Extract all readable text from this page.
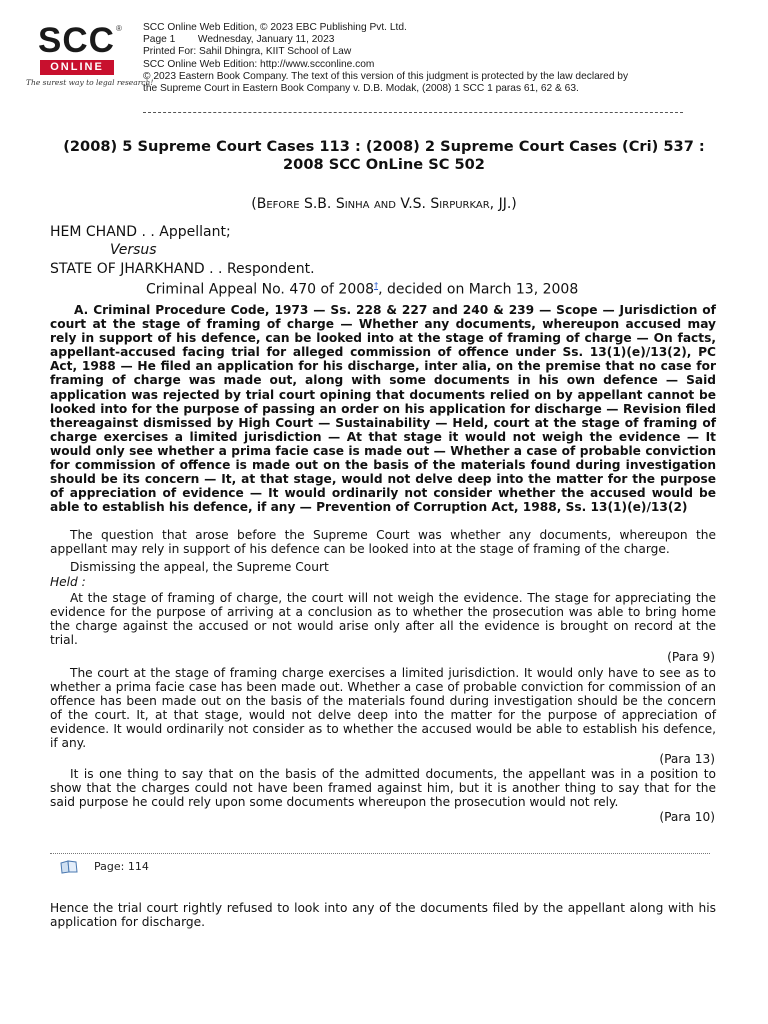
SCC ®
ONLINE
The surest way to legal research!
SCC Online Web Edition, © 2023 EBC Publishing Pvt. Ltd.
Page 1        Wednesday, January 11, 2023
Printed For: Sahil Dhingra, KIIT School of Law
SCC Online Web Edition: http://www.scconline.com
© 2023 Eastern Book Company. The text of this version of this judgment is protected by the law declared by the Supreme Court in Eastern Book Company v. D.B. Modak, (2008) 1 SCC 1 paras 61, 62 & 63.
(2008) 5 Supreme Court Cases 113 : (2008) 2 Supreme Court Cases (Cri) 537 :
2008 SCC OnLine SC 502
(Before S.B. Sinha and V.S. Sirpurkar, JJ.)
HEM CHAND . . Appellant;
Versus
STATE OF JHARKHAND . . Respondent.
Criminal Appeal No. 470 of 2008†, decided on March 13, 2008
A. Criminal Procedure Code, 1973 — Ss. 228 & 227 and 240 & 239 — Scope — Jurisdiction of court at the stage of framing of charge — Whether any documents, whereupon accused may rely in support of his defence, can be looked into at the stage of framing of charge — On facts, appellant-accused facing trial for alleged commission of offence under Ss. 13(1)(e)/13(2), PC Act, 1988 — He filed an application for his discharge, inter alia, on the premise that no case for framing of charge was made out, along with some documents in his own defence — Said application was rejected by trial court opining that documents relied on by appellant cannot be looked into for the purpose of passing an order on his application for discharge — Revision filed thereagainst dismissed by High Court — Sustainability — Held, court at the stage of framing of charge exercises a limited jurisdiction — At that stage it would not weigh the evidence — It would only see whether a prima facie case is made out — Whether a case of probable conviction for commission of offence is made out on the basis of the materials found during investigation should be its concern — It, at that stage, would not delve deep into the matter for the purpose of appreciation of evidence — It would ordinarily not consider whether the accused would be able to establish his defence, if any — Prevention of Corruption Act, 1988, Ss. 13(1)(e)/13(2)
The question that arose before the Supreme Court was whether any documents, whereupon the appellant may rely in support of his defence can be looked into at the stage of framing of the charge.
Dismissing the appeal, the Supreme Court
Held :
At the stage of framing of charge, the court will not weigh the evidence. The stage for appreciating the evidence for the purpose of arriving at a conclusion as to whether the prosecution was able to bring home the charge against the accused or not would arise only after all the evidence is brought on record at the trial.
(Para 9)
The court at the stage of framing charge exercises a limited jurisdiction. It would only have to see as to whether a prima facie case has been made out. Whether a case of probable conviction for commission of an offence has been made out on the basis of the materials found during investigation should be the concern of the court. It, at that stage, would not delve deep into the matter for the purpose of appreciation of evidence. It would ordinarily not consider as to whether the accused would be able to establish his defence, if any.
(Para 13)
It is one thing to say that on the basis of the admitted documents, the appellant was in a position to show that the charges could not have been framed against him, but it is another thing to say that for the said purpose he could rely upon some documents whereupon the prosecution would not rely.
(Para 10)
Page: 114
Hence the trial court rightly refused to look into any of the documents filed by the appellant along with his application for discharge.
